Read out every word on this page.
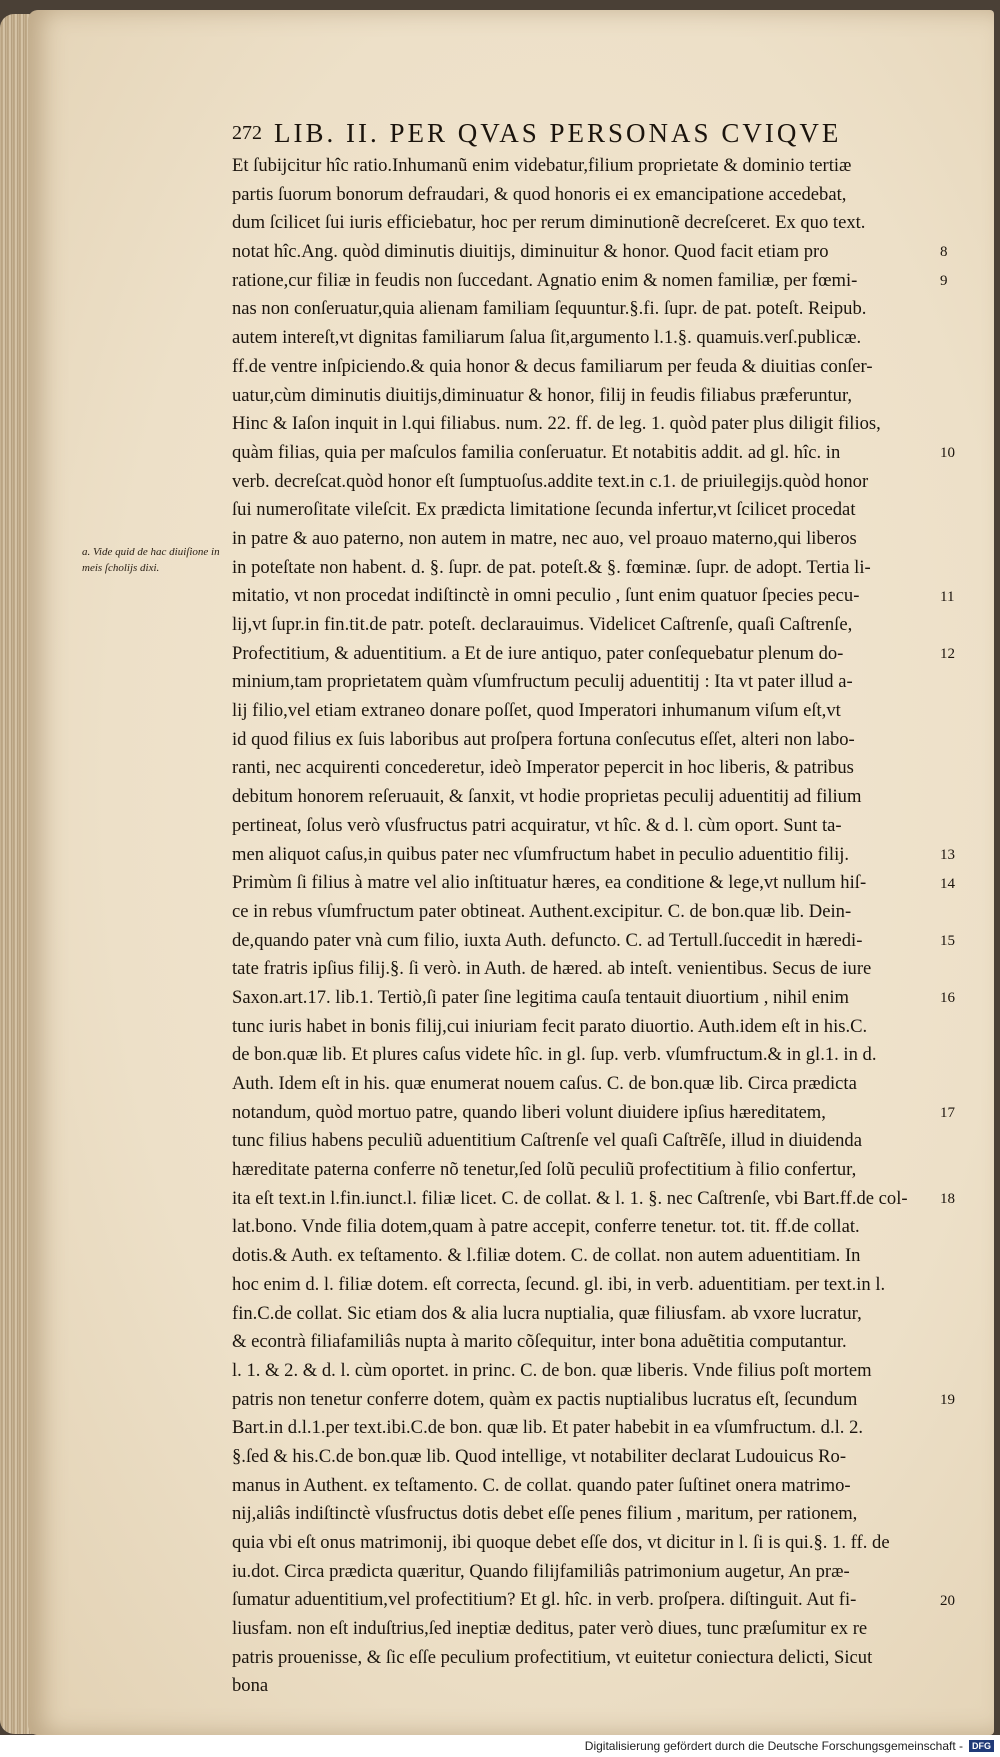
272 LIB. II. PER QVAS PERSONAS CVIQVE
a. Vide quid de hac diuiſione in meis ſcholijs dixi.

Et ſubijcitur hîc ratio.Inhumanũ enim videbatur,filium proprietate & dominio tertiæ
partis ſuorum bonorum defraudari, & quod honoris ei ex emancipatione accedebat,
dum ſcilicet ſui iuris efficiebatur, hoc per rerum diminutionẽ decreſceret. Ex quo text.
notat hîc.Ang. quòd diminutis diuitijs, diminuitur & honor. Quod facit etiam pro
ratione,cur filiæ in feudis non ſuccedant. Agnatio enim & nomen familiæ, per fœmi-
nas non conſeruatur,quia alienam familiam ſequuntur.§.fi. ſupr. de pat. poteſt. Reipub.
autem intereſt,vt dignitas familiarum ſalua ſit,argumento l.1.§. quamuis.verſ.publicæ.
ff.de ventre inſpiciendo.& quia honor & decus familiarum per feuda & diuitias conſer-
uatur,cùm diminutis diuitijs,diminuatur & honor, filij in feudis filiabus præferuntur,
Hinc & Iaſon inquit in l.qui filiabus. num. 22. ff. de leg. 1. quòd pater plus diligit filios,
quàm filias, quia per maſculos familia conſeruatur. Et notabitis addit. ad gl. hîc. in
verb. decreſcat.quòd honor eſt ſumptuoſus.addite text.in c.1. de priuilegijs.quòd honor
ſui numeroſitate vileſcit. Ex prædicta limitatione ſecunda infertur,vt ſcilicet procedat
in patre & auo paterno, non autem in matre, nec auo, vel proauo materno,qui liberos
in poteſtate non habent. d. §. ſupr. de pat. poteſt.& §. fœminæ. ſupr. de adopt. Tertia li-
mitatio, vt non procedat indiſtinctè in omni peculio , ſunt enim quatuor ſpecies pecu-
lij,vt ſupr.in fin.tit.de patr. poteſt. declarauimus. Videlicet Caſtrenſe, quaſi Caſtrenſe,
Profectitium, & aduentitium. a Et de iure antiquo, pater conſequebatur plenum do-
minium,tam proprietatem quàm vſumfructum peculij aduentitij : Ita vt pater illud a-
lij filio,vel etiam extraneo donare poſſet, quod Imperatori inhumanum viſum eſt,vt
id quod filius ex ſuis laboribus aut proſpera fortuna conſecutus eſſet, alteri non labo-
ranti, nec acquirenti concederetur, ideò Imperator pepercit in hoc liberis, & patribus
debitum honorem reſeruauit, & ſanxit, vt hodie proprietas peculij aduentitij ad filium
pertineat, ſolus verò vſusfructus patri acquiratur, vt hîc. & d. l. cùm oport. Sunt ta-
men aliquot caſus,in quibus pater nec vſumfructum habet in peculio aduentitio filij.
Primùm ſi filius à matre vel alio inſtituatur hæres, ea conditione & lege,vt nullum hiſ-
ce in rebus vſumfructum pater obtineat. Authent.excipitur. C. de bon.quæ lib. Dein-
de,quando pater vnà cum filio, iuxta Auth. defuncto. C. ad Tertull.ſuccedit in hæredi-
tate fratris ipſius filij.§. ſi verò. in Auth. de hæred. ab inteſt. venientibus. Secus de iure
Saxon.art.17. lib.1. Tertiò,ſi pater ſine legitima cauſa tentauit diuortium , nihil enim
tunc iuris habet in bonis filij,cui iniuriam fecit parato diuortio. Auth.idem eſt in his.C.
de bon.quæ lib. Et plures caſus videte hîc. in gl. ſup. verb. vſumfructum.& in gl.1. in d.
Auth. Idem eſt in his. quæ enumerat nouem caſus. C. de bon.quæ lib. Circa prædicta
notandum, quòd mortuo patre, quando liberi volunt diuidere ipſius hæreditatem,
tunc filius habens peculiũ aduentitium Caſtrenſe vel quaſi Caſtrẽſe, illud in diuidenda
hæreditate paterna conferre nõ tenetur,ſed ſolũ peculiũ profectitium à filio confertur,
ita eſt text.in l.fin.iunct.l. filiæ licet. C. de collat. & l. 1. §. nec Caſtrenſe, vbi Bart.ff.de col-
lat.bono. Vnde filia dotem,quam à patre accepit, conferre tenetur. tot. tit. ff.de collat.
dotis.& Auth. ex teſtamento. & l.filiæ dotem. C. de collat. non autem aduentitiam. In
hoc enim d. l. filiæ dotem. eſt correcta, ſecund. gl. ibi, in verb. aduentitiam. per text.in l.
fin.C.de collat. Sic etiam dos & alia lucra nuptialia, quæ filiusfam. ab vxore lucratur,
& econtrà filiafamiliâs nupta à marito cõſequitur, inter bona aduẽtitia computantur.
l. 1. & 2. & d. l. cùm oportet. in princ. C. de bon. quæ liberis. Vnde filius poſt mortem
patris non tenetur conferre dotem, quàm ex pactis nuptialibus lucratus eſt, ſecundum
Bart.in d.l.1.per text.ibi.C.de bon. quæ lib. Et pater habebit in ea vſumfructum. d.l. 2.
§.ſed & his.C.de bon.quæ lib. Quod intellige, vt notabiliter declarat Ludouicus Ro-
manus in Authent. ex teſtamento. C. de collat. quando pater ſuſtinet onera matrimo-
nij,aliâs indiſtinctè vſusfructus dotis debet eſſe penes filium , maritum, per rationem,
quia vbi eſt onus matrimonij, ibi quoque debet eſſe dos, vt dicitur in l. ſi is qui.§. 1. ff. de
iu.dot. Circa prædicta quæritur, Quando filijfamiliâs patrimonium augetur, An præ-
ſumatur aduentitium,vel profectitium? Et gl. hîc. in verb. proſpera. diſtinguit. Aut fi-
liusfam. non eſt induſtrius,ſed ineptiæ deditus, pater verò diues, tunc præſumitur ex re
patris prouenisse, & ſic eſſe peculium profectitium, vt euitetur coniectura delicti, Sicut
bona

8
9
10
11
12
13
14
15
16
17
18
19
20
Digitalisierung gefördert durch die Deutsche Forschungsgemeinschaft -	DFG
